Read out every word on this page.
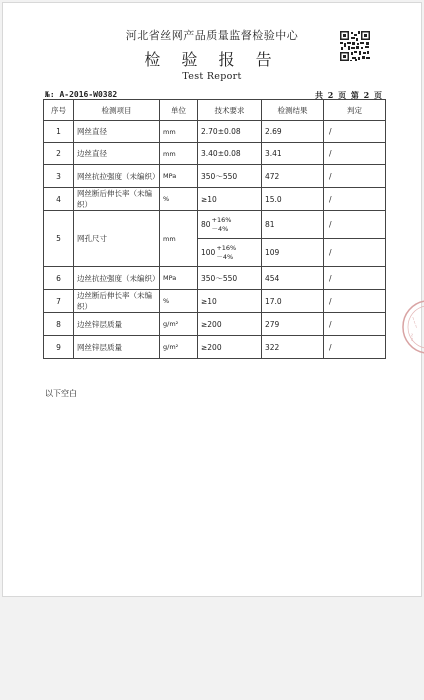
河北省丝网产品质量监督检验中心
检 验 报 告
Test Report
№: A-2016-W0382	共 2 页 第 2 页
序号	检测项目	单位	技术要求	检测结果	判定
1	网丝直径	mm	2.70±0.08	2.69	/
2	边丝直径	mm	3.40±0.08	3.41	/
3	网丝抗拉强度（未编织）	MPa	350～550	472	/
4	网丝断后伸长率（未编织）	%	≥10	15.0	/
5	网孔尺寸	mm	80 +16%
－4%	81	/
			100 +16%
－4%	109	/
6	边丝抗拉强度（未编织）	MPa	350～550	454	/
7	边丝断后伸长率（未编织）	%	≥10	17.0	/
8	边丝锌层质量	g/m²	≥200	279	/
9	网丝锌层质量	g/m²	≥200	322	/
以下空白
~~~
~~
